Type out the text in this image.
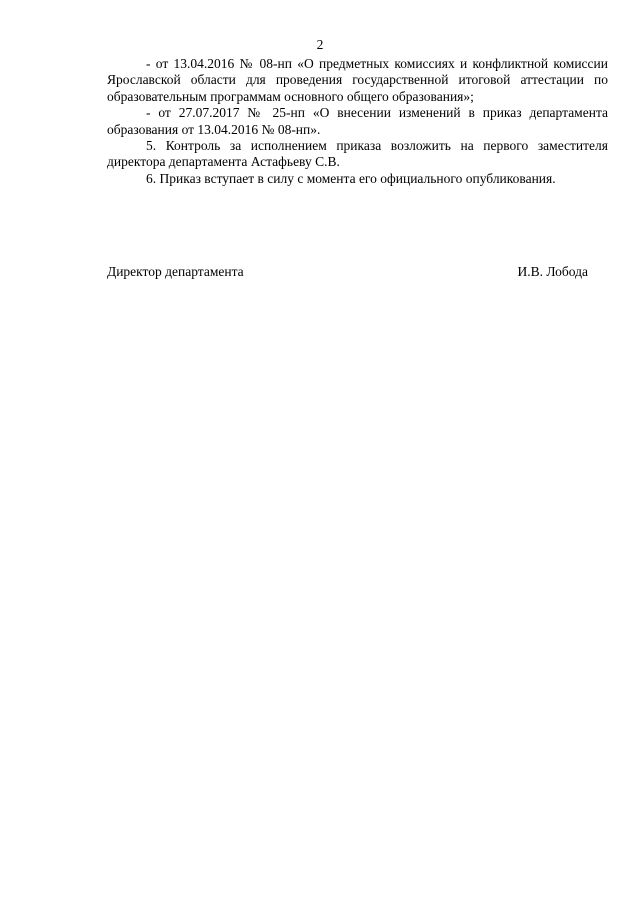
2

- от 13.04.2016 № 08-нп «О предметных комиссиях и конфликтной комиссии Ярославской области для проведения государственной итоговой аттестации по образовательным программам основного общего образования»;

- от 27.07.2017 № 25-нп «О внесении изменений в приказ департамента образования от 13.04.2016 № 08-нп».

5. Контроль за исполнением приказа возложить на первого заместителя директора департамента Астафьеву С.В.

6. Приказ вступает в силу с момента его официального опубликования.

Директор департамента	И.В. Лобода
